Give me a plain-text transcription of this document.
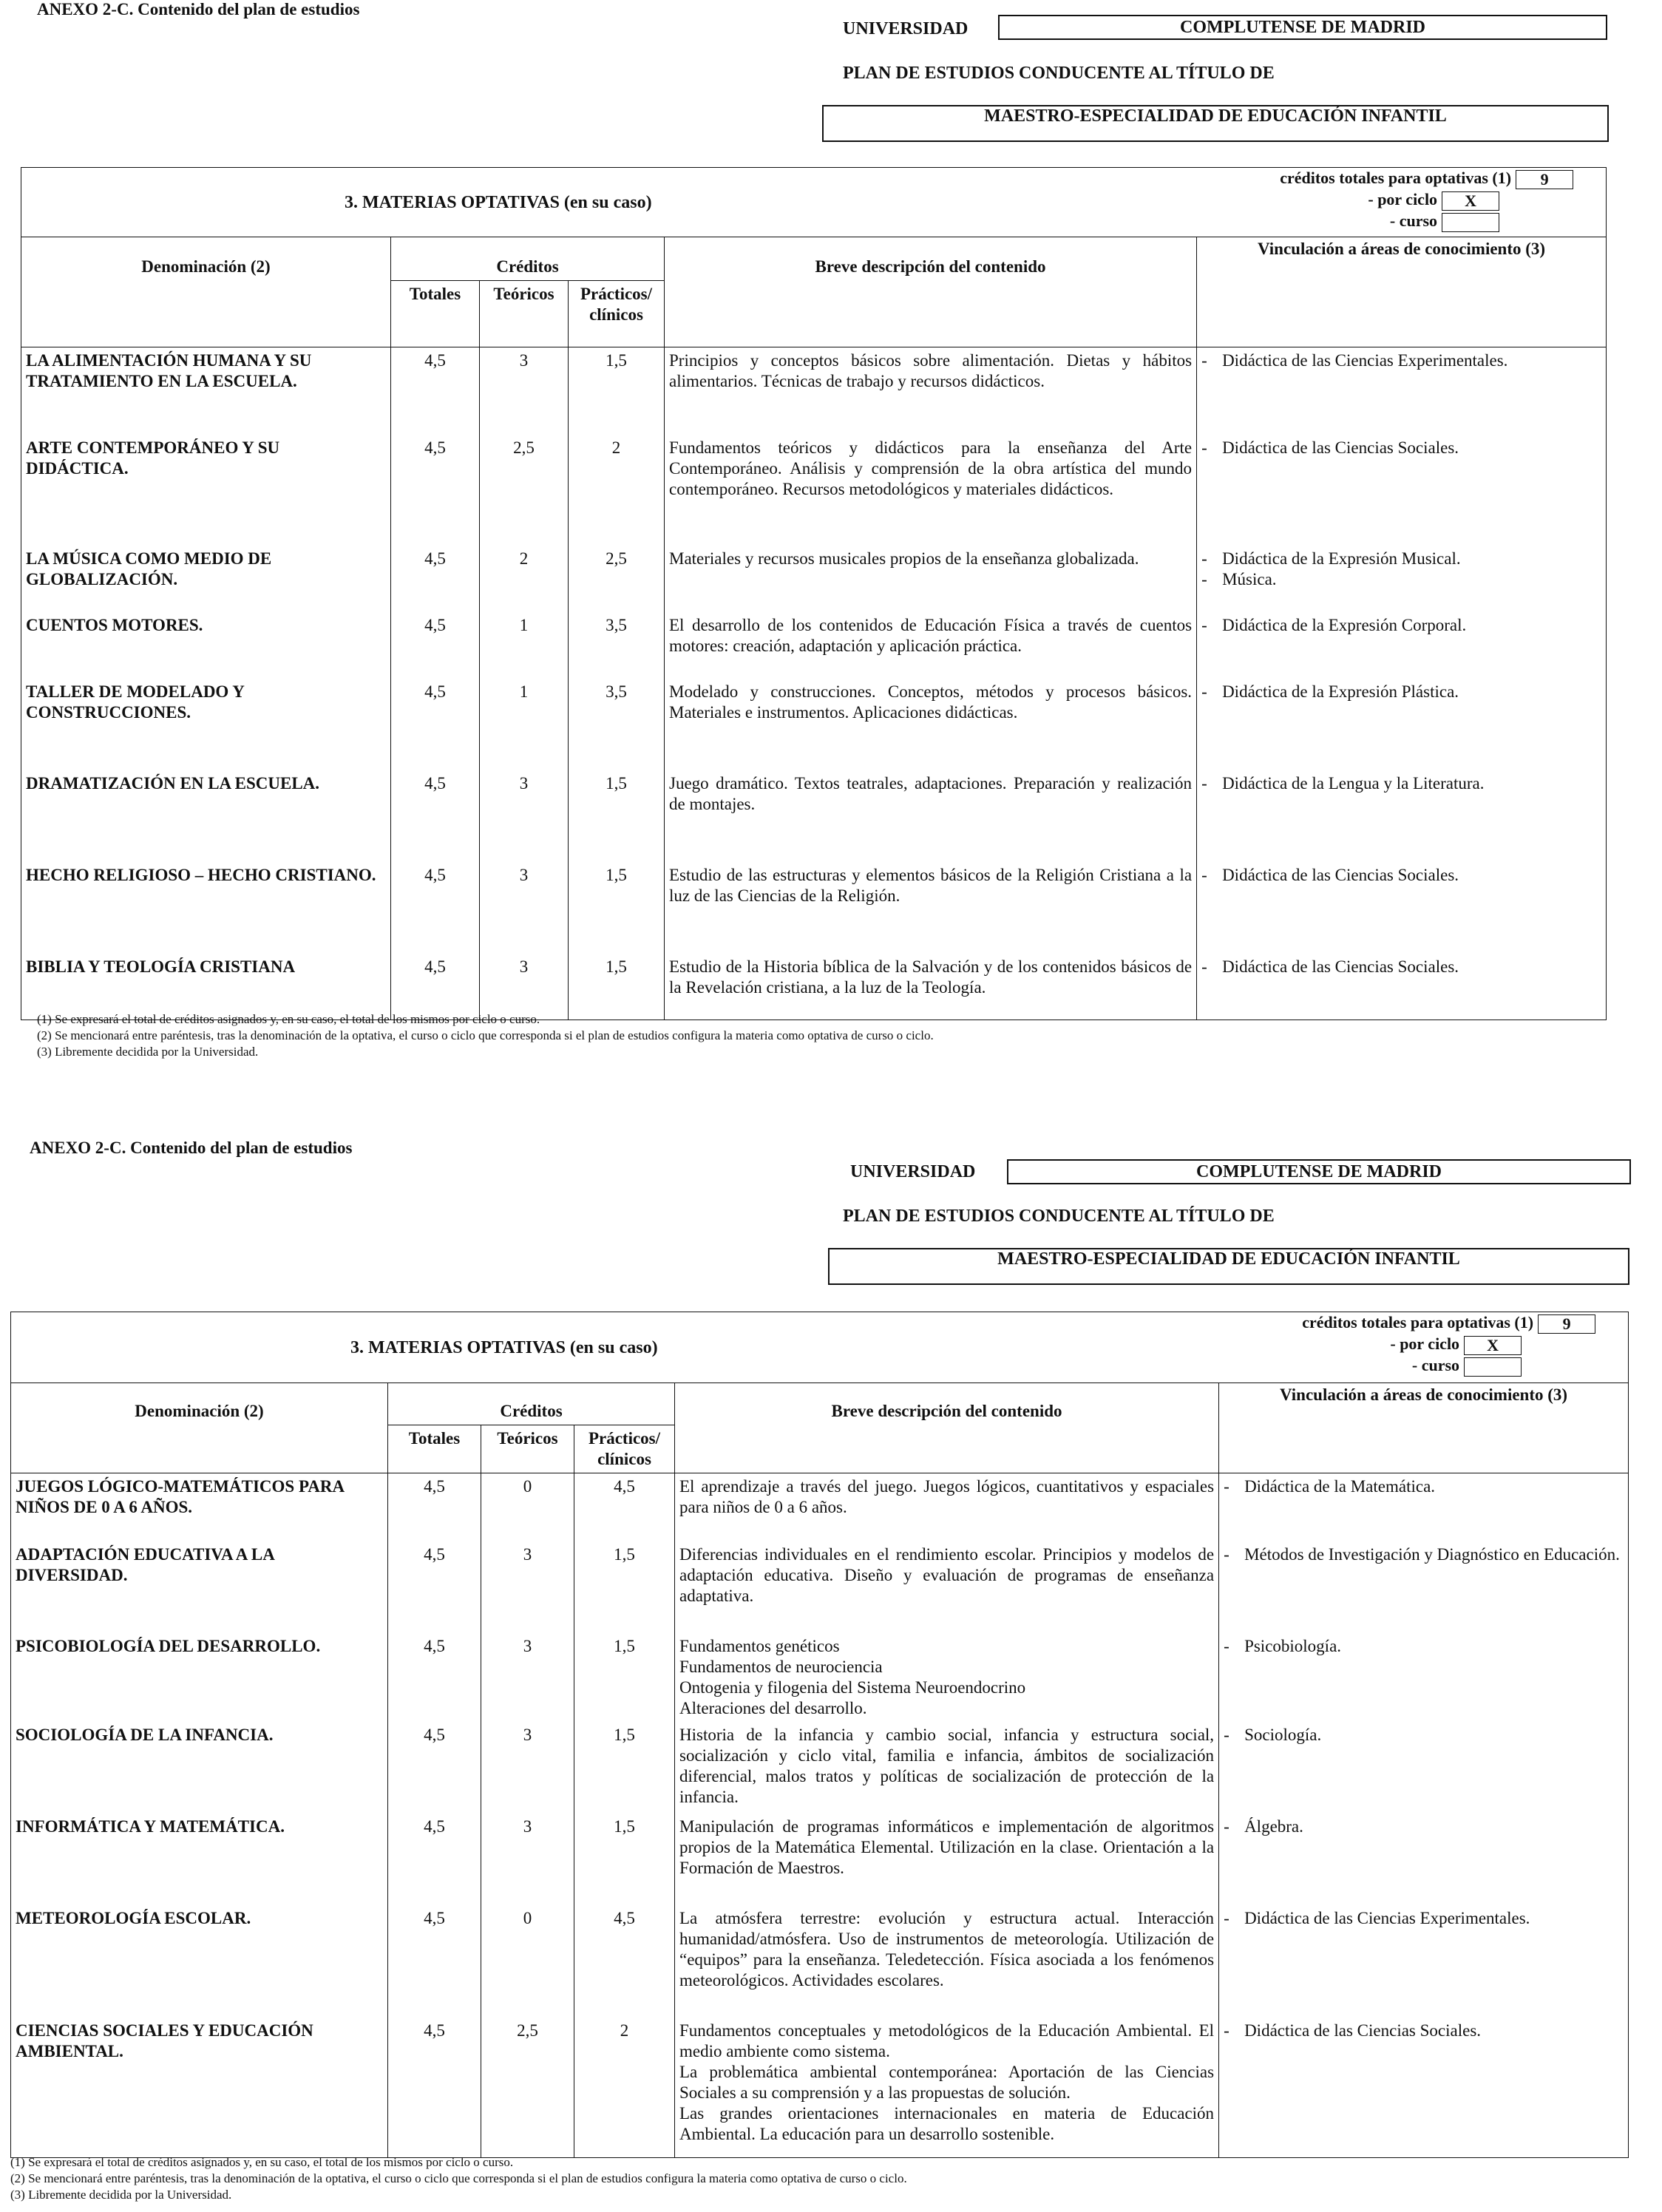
ANEXO 2-C. Contenido del plan de estudios
UNIVERSIDAD	COMPLUTENSE DE MADRID
PLAN DE ESTUDIOS CONDUCENTE AL TÍTULO DE
MAESTRO-ESPECIALIDAD DE EDUCACIÓN INFANTIL
3. MATERIAS OPTATIVAS (en su caso)					créditos totales para optativas (1) 9
- por ciclo X
- curso

Denominación (2)	Créditos			Breve descripción del contenido	Vinculación a áreas de conocimiento (3)
	Totales	Teóricos	Prácticos/ clínicos		
LA ALIMENTACIÓN HUMANA Y SU TRATAMIENTO EN LA ESCUELA.	4,5	3	1,5	Principios y conceptos básicos sobre alimentación. Dietas y hábitos alimentarios. Técnicas de trabajo y recursos didácticos.	- Didáctica de las Ciencias Experimentales.

ARTE CONTEMPORÁNEO Y SU DIDÁCTICA.	4,5	2,5	2	Fundamentos teóricos y didácticos para la enseñanza del Arte Contemporáneo. Análisis y comprensión de la obra artística del mundo contemporáneo. Recursos metodológicos y materiales didácticos.	- Didáctica de las Ciencias Sociales.

LA MÚSICA COMO MEDIO DE GLOBALIZACIÓN.	4,5	2	2,5	Materiales y recursos musicales propios de la enseñanza globalizada.	- Didáctica de la Expresión Musical.
- Música.

CUENTOS MOTORES.	4,5	1	3,5	El desarrollo de los contenidos de Educación Física a través de cuentos motores: creación, adaptación y aplicación práctica.	- Didáctica de la Expresión Corporal.

TALLER DE MODELADO Y CONSTRUCCIONES.	4,5	1	3,5	Modelado y construcciones. Conceptos, métodos y procesos básicos. Materiales e instrumentos. Aplicaciones didácticas.	- Didáctica de la Expresión Plástica.

DRAMATIZACIÓN EN LA ESCUELA.	4,5	3	1,5	Juego dramático. Textos teatrales, adaptaciones. Preparación y realización de montajes.	- Didáctica de la Lengua y la Literatura.

HECHO RELIGIOSO – HECHO CRISTIANO.	4,5	3	1,5	Estudio de las estructuras y elementos básicos de la Religión Cristiana a la luz de las Ciencias de la Religión.	- Didáctica de las Ciencias Sociales.

BIBLIA Y TEOLOGÍA CRISTIANA	4,5	3	1,5	Estudio de la Historia bíblica de la Salvación y de los contenidos básicos de la Revelación cristiana, a la luz de la Teología.	- Didáctica de las Ciencias Sociales.
(1) Se expresará el total de créditos asignados y, en su caso, el total de los mismos por ciclo o curso.
(2) Se mencionará entre paréntesis, tras la denominación de la optativa, el curso o ciclo que corresponda si el plan de estudios configura la materia como optativa de curso o ciclo.
(3) Libremente decidida por la Universidad.
ANEXO 2-C. Contenido del plan de estudios
UNIVERSIDAD	COMPLUTENSE DE MADRID
PLAN DE ESTUDIOS CONDUCENTE AL TÍTULO DE
MAESTRO-ESPECIALIDAD DE EDUCACIÓN INFANTIL
3. MATERIAS OPTATIVAS (en su caso)					créditos totales para optativas (1) 9
- por ciclo X
- curso

Denominación (2)	Créditos			Breve descripción del contenido	Vinculación a áreas de conocimiento (3)
	Totales	Teóricos	Prácticos/ clínicos		
JUEGOS LÓGICO-MATEMÁTICOS PARA NIÑOS DE 0 A 6 AÑOS.	4,5	0	4,5	El aprendizaje a través del juego. Juegos lógicos, cuantitativos y espaciales para niños de 0 a 6 años.	- Didáctica de la Matemática.

ADAPTACIÓN EDUCATIVA A LA DIVERSIDAD.	4,5	3	1,5	Diferencias individuales en el rendimiento escolar. Principios y modelos de adaptación educativa. Diseño y evaluación de programas de enseñanza adaptativa.	- Métodos de Investigación y Diagnóstico en Educación.

PSICOBIOLOGÍA DEL DESARROLLO.	4,5	3	1,5	Fundamentos genéticos
Fundamentos de neurociencia
Ontogenia y filogenia del Sistema Neuroendocrino
Alteraciones del desarrollo.	- Psicobiología.

SOCIOLOGÍA DE LA INFANCIA.	4,5	3	1,5	Historia de la infancia y cambio social, infancia y estructura social, socialización y ciclo vital, familia e infancia, ámbitos de socialización diferencial, malos tratos y políticas de socialización de protección de la infancia.	- Sociología.

INFORMÁTICA Y MATEMÁTICA.	4,5	3	1,5	Manipulación de programas informáticos e implementación de algoritmos propios de la Matemática Elemental. Utilización en la clase. Orientación a la Formación de Maestros.	- Álgebra.

METEOROLOGÍA ESCOLAR.	4,5	0	4,5	La atmósfera terrestre: evolución y estructura actual. Interacción humanidad/atmósfera. Uso de instrumentos de meteorología. Utilización de “equipos” para la enseñanza. Teledetección. Física asociada a los fenómenos meteorológicos. Actividades escolares.	- Didáctica de las Ciencias Experimentales.

CIENCIAS SOCIALES Y EDUCACIÓN AMBIENTAL.	4,5	2,5	2	Fundamentos conceptuales y metodológicos de la Educación Ambiental. El medio ambiente como sistema.
La problemática ambiental contemporánea: Aportación de las Ciencias Sociales a su comprensión y a las propuestas de solución.
Las grandes orientaciones internacionales en materia de Educación Ambiental. La educación para un desarrollo sostenible.	- Didáctica de las Ciencias Sociales.
(1) Se expresará el total de créditos asignados y, en su caso, el total de los mismos por ciclo o curso.
(2) Se mencionará entre paréntesis, tras la denominación de la optativa, el curso o ciclo que corresponda si el plan de estudios configura la materia como optativa de curso o ciclo.
(3) Libremente decidida por la Universidad.
